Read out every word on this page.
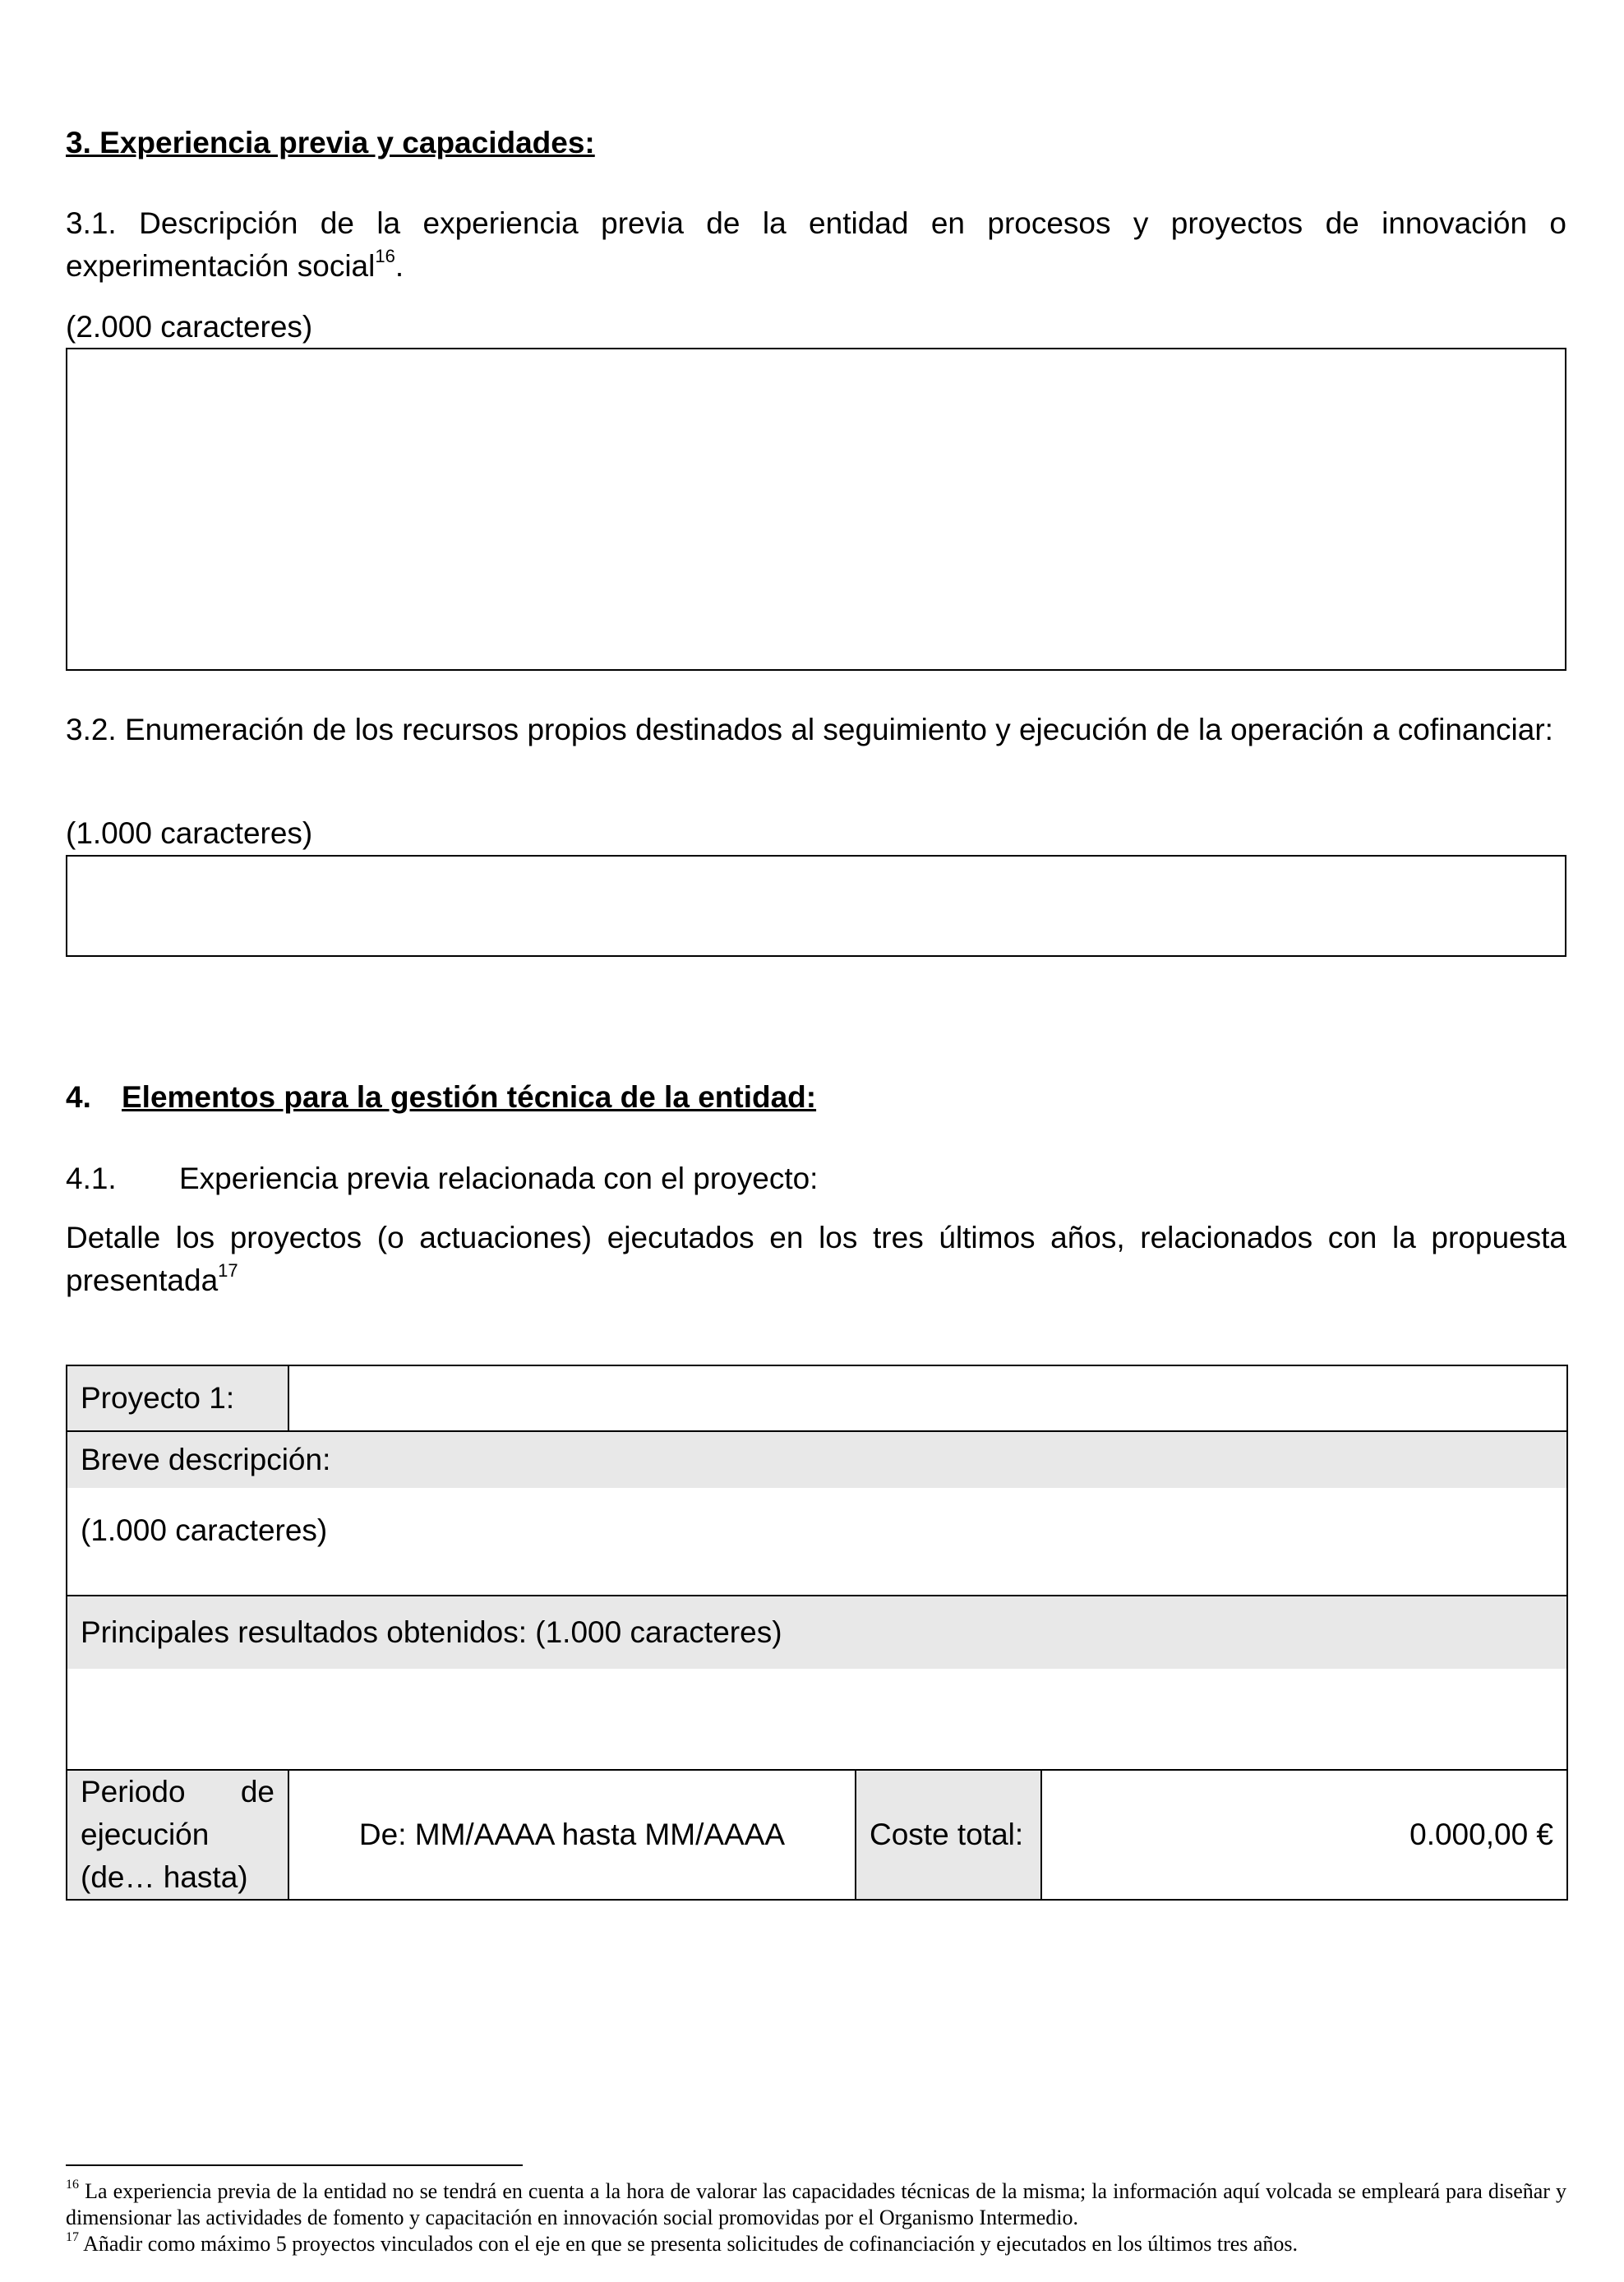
3. Experiencia previa y capacidades:
3.1. Descripción de la experiencia previa de la entidad en procesos y proyectos de innovación o experimentación social$^{16}$.
(2.000 caracteres)
3.2. Enumeración de los recursos propios destinados al seguimiento y ejecución de la operación a cofinanciar:
(1.000 caracteres)
4. Elementos para la gestión técnica de la entidad:
4.1. Experiencia previa relacionada con el proyecto:
Detalle los proyectos (o actuaciones) ejecutados en los tres últimos años, relacionados con la propuesta presentada$^{17}$
Proyecto 1:			

Breve descripción:
(1.000 caracteres)			

Principales resultados obtenidos: (1.000 caracteres)			

Periodo de ejecución (de… hasta)	De: MM/AAAA hasta MM/AAAA	Coste total:	0.000,00 €
$^{16}$ La experiencia previa de la entidad no se tendrá en cuenta a la hora de valorar las capacidades técnicas de la misma; la información aquí volcada se empleará para diseñar y dimensionar las actividades de fomento y capacitación en innovación social promovidas por el Organismo Intermedio.
$^{17}$ Añadir como máximo 5 proyectos vinculados con el eje en que se presenta solicitudes de cofinanciación y ejecutados en los últimos tres años.
